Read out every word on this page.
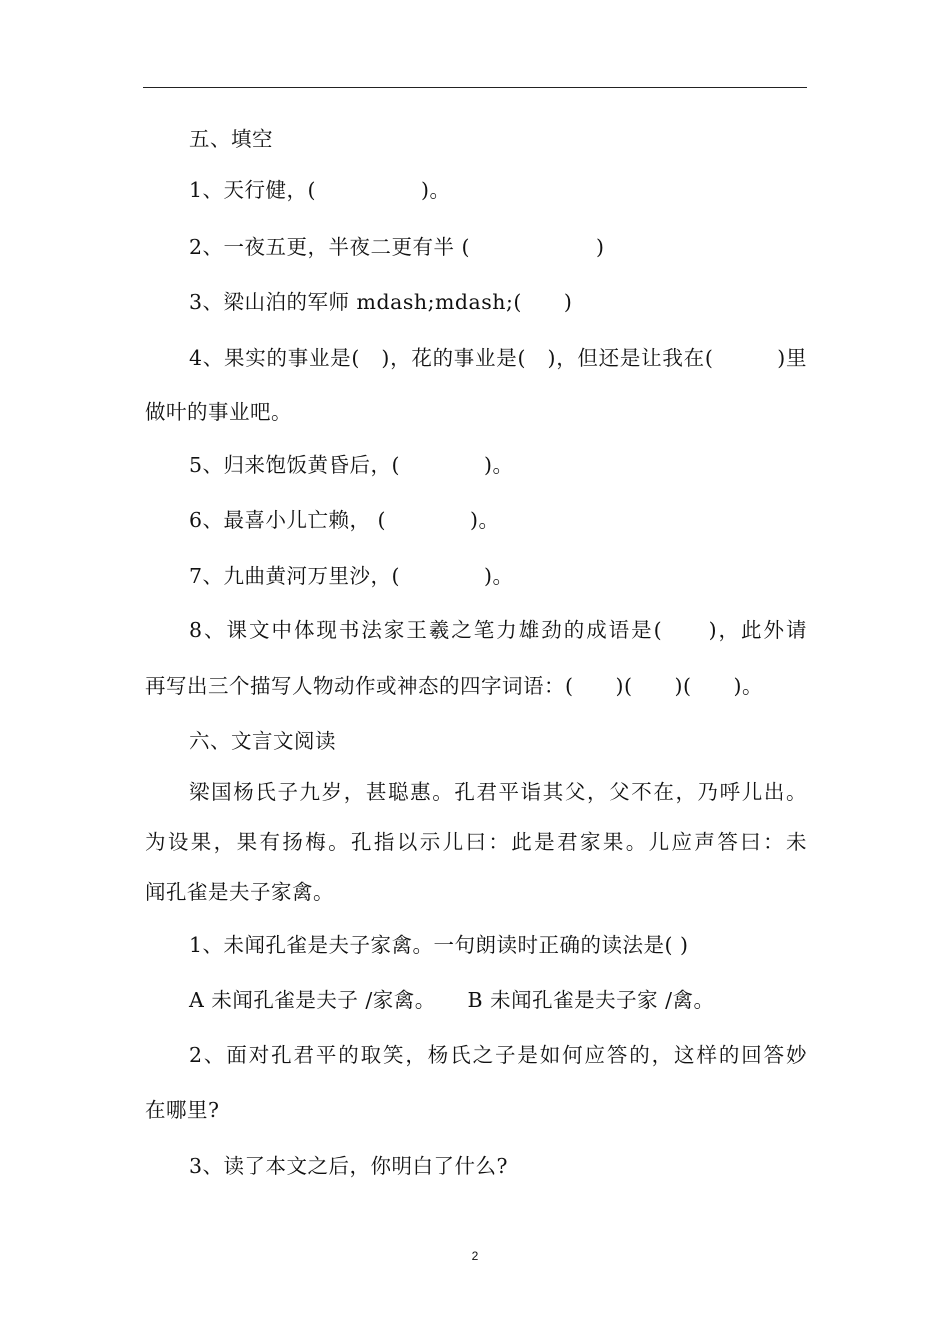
五、填空
1、天行健，(　　　　　)。
2、一夜五更，半夜二更有半 (　　　　　　)
3、梁山泊的军师 mdash;mdash;(　　)
4、果实的事业是(　)，花的事业是(　)，但还是让我在(　　　)里
做叶的事业吧。
5、归来饱饭黄昏后，(　　　　)。
6、最喜小儿亡赖， (　　　　)。
7、九曲黄河万里沙，(　　　　)。
8、课文中体现书法家王羲之笔力雄劲的成语是(　　)，此外请
再写出三个描写人物动作或神态的四字词语：(　　)(　　)(　　)。
六、文言文阅读
梁国杨氏子九岁，甚聪惠。孔君平诣其父，父不在，乃呼儿出。
为设果，果有扬梅。孔指以示儿曰：此是君家果。儿应声答曰：未
闻孔雀是夫子家禽。
1、未闻孔雀是夫子家禽。一句朗读时正确的读法是( )
A 未闻孔雀是夫子 /家禽。　　B 未闻孔雀是夫子家 /禽。
2、面对孔君平的取笑，杨氏之子是如何应答的，这样的回答妙
在哪里?
3、读了本文之后，你明白了什么?
2
